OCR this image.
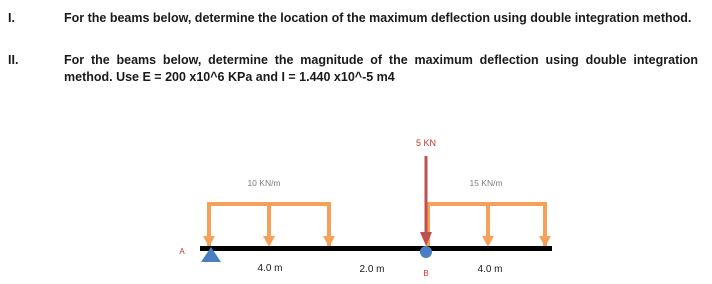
I.	For the beams below, determine the location of the maximum deflection using double integration method.
II.	For the beams below, determine the magnitude of the maximum deflection using double integration method. Use E = 200 x10^6 KPa and I = 1.440 x10^-5 m4
5 KN
10 KN/m	15 KN/m
A
B
4.0 m	2.0 m	4.0 m
